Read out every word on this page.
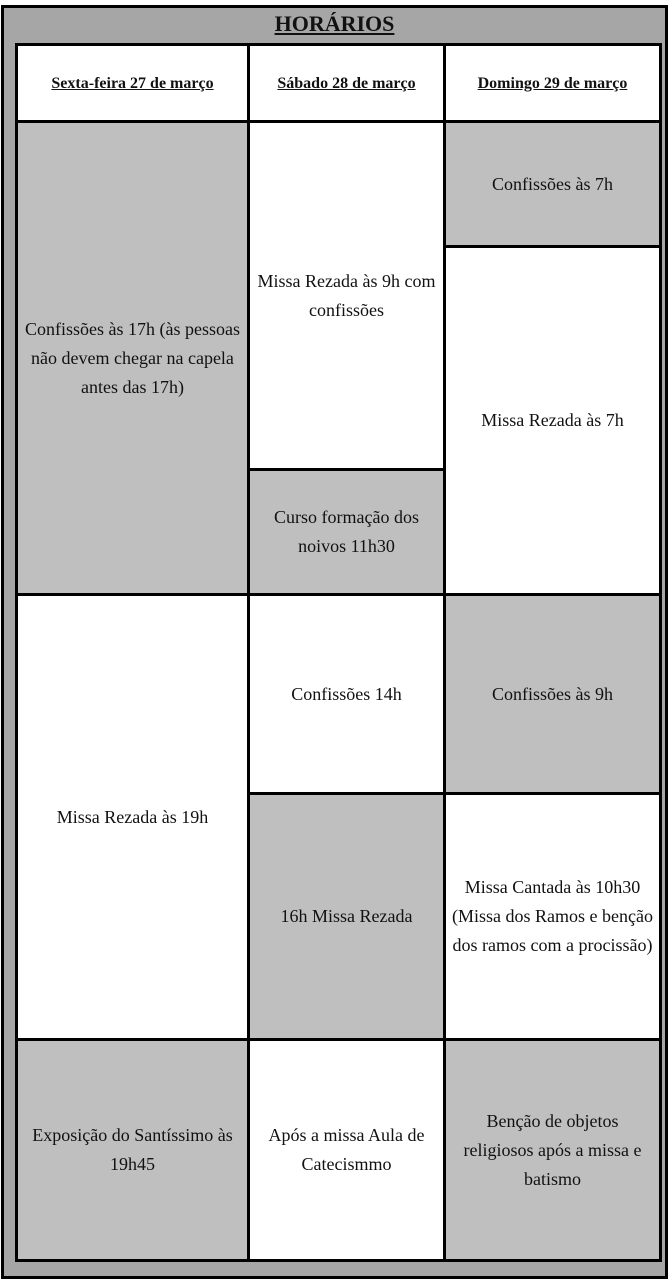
HORÁRIOS
Sexta-feira 27 de março	Sábado 28 de março	Domingo 29 de março
Confissões às 17h (às pessoas não devem chegar na capela antes das 17h)
Missa Rezada às 19h
Exposição do Santíssimo às 19h45
Missa Rezada às 9h com confissões
Curso formação dos noivos 11h30
Confissões 14h
16h Missa Rezada
Após a missa Aula de Catecismmo
Confissões às 7h
Missa Rezada às 7h
Confissões às 9h
Missa Cantada às 10h30 (Missa dos Ramos e benção dos ramos com a procissão)
Benção de objetos religiosos após a missa e batismo
